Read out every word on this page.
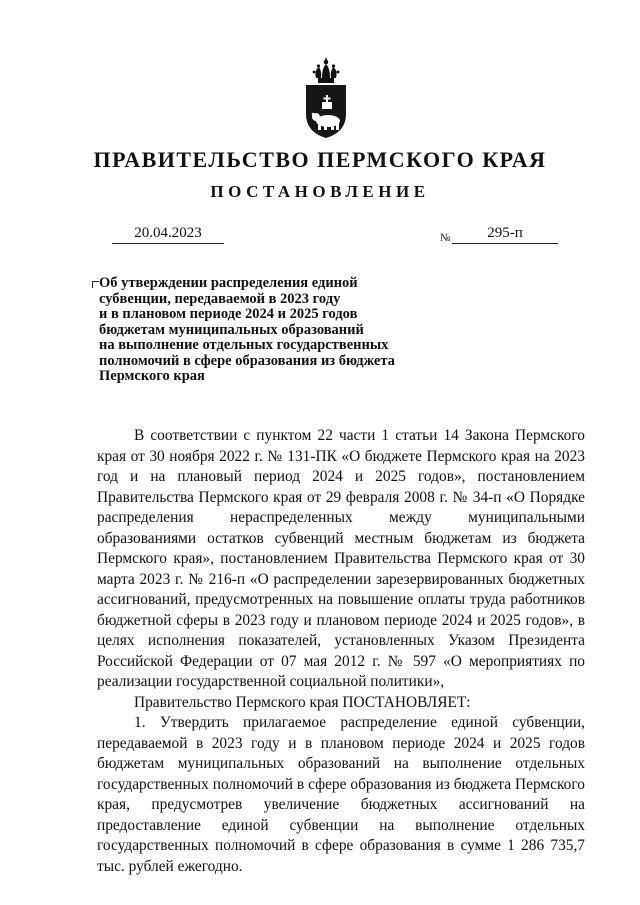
ПРАВИТЕЛЬСТВО ПЕРМСКОГО КРАЯ
ПОСТАНОВЛЕНИЕ
20.04.2023	№	295-п
Об утверждении распределения единой
субвенции, передаваемой в 2023 году
и в плановом периоде 2024 и 2025 годов
бюджетам муниципальных образований
на выполнение отдельных государственных
полномочий в сфере образования из бюджета
Пермского края

В соответствии с пунктом 22 части 1 статьи 14 Закона Пермского края от 30 ноября 2022 г. № 131-ПК «О бюджете Пермского края на 2023 год и на плановый период 2024 и 2025 годов», постановлением Правительства Пермского края от 29 февраля 2008 г. № 34-п «О Порядке распределения нераспределенных между муниципальными образованиями остатков субвенций местным бюджетам из бюджета Пермского края», постановлением Правительства Пермского края от 30 марта 2023 г. № 216-п «О распределении зарезервированных бюджетных ассигнований, предусмотренных на повышение оплаты труда работников бюджетной сферы в 2023 году и плановом периоде 2024 и 2025 годов», в целях исполнения показателей, установленных Указом Президента Российской Федерации от 07 мая 2012 г. № 597 «О мероприятиях по реализации государственной социальной политики»,

Правительство Пермского края ПОСТАНОВЛЯЕТ:

1. Утвердить прилагаемое распределение единой субвенции, передаваемой в 2023 году и в плановом периоде 2024 и 2025 годов бюджетам муниципальных образований на выполнение отдельных государственных полномочий в сфере образования из бюджета Пермского края, предусмотрев увеличение бюджетных ассигнований на предоставление единой субвенции на выполнение отдельных государственных полномочий в сфере образования в сумме 1 286 735,7 тыс. рублей ежегодно.
